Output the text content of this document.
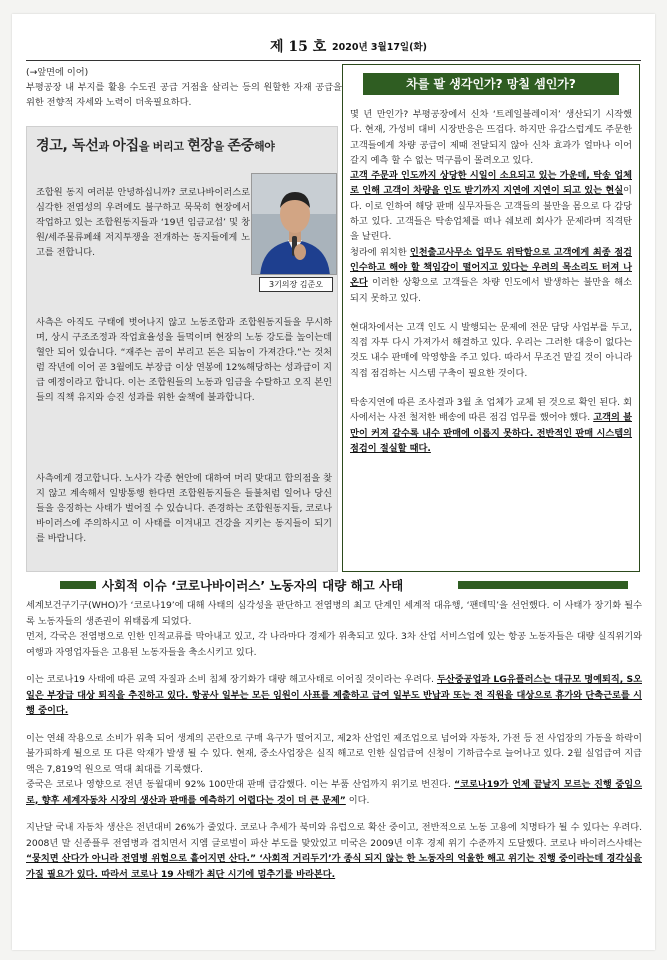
제 15 호 2020년 3월17일(화)
(→앞면에 이어)
부평공장 내 부지를 활용 수도권 공급 거점을 살리는 등의 원할한 자재 공급을 위한 전향적 자세와 노력이 더욱필요하다.
경고, 독선과 아집을 버리고 현장을 존중해야
조합원 동지 여러분 안녕하십니까? 코로나바이러스로 심각한 전염성의 우려에도 불구하고 묵묵히 현장에서 작업하고 있는 조합원동지들과 ‘19년 임금교섭’ 및 창원/세주물류폐쇄 저지투쟁을 전개하는 동지들에게 노고를 전합니다.
3기의장 김준오
사측은 아직도 구태에 벗어나지 않고 노동조합과 조합원동지들을 무시하며, 상시 구조조정과 작업효율성을 들먹이며 현장의 노동 강도를 높이는데 혈안 되어 있습니다. “재주는 곰이 부리고 돈은 되놈이 가져간다.”는 것처럼 작년에 이어 곧 3월에도 부장급 이상 연봉에 12%해당하는 성과급이 지급 예정이라고 합니다. 이는 조합원들의 노동과 임금을 수탈하고 오직 본인들의 직책 유지와 승진 성과를 위한 술책에 불과합니다.
사측에게 경고합니다. 노사가 각종 현안에 대하여 머리 맞대고 합의점을 찾지 않고 계속해서 일방통행 한다면 조합원동지들은 들불처럼 일어나 당신들을 응징하는 사태가 벌어질 수 있습니다. 존경하는 조합원동지들, 코로나 바이러스에 주의하시고 이 사태를 이겨내고 건강을 지키는 동지들이 되기를 바랍니다.
차를 팔 생각인가? 망칠 셈인가?
몇 년 만인가? 부평공장에서 신차 ‘트레일블레이저’ 생산되기 시작했다. 현재, 가성비 대비 시장반응은 뜨겁다. 하지만 유감스럽게도 주문한 고객들에게 차량 공급이 제때 전달되지 않아 신차 효과가 얼마나 이어 갈지 예측 할 수 없는 먹구름이 몰려오고 있다.
고객 주문과 인도까지 상당한 시일이 소요되고 있는 가운데, 탁송 업체로 인해 고객이 차량을 인도 받기까지 지연에 지연이 되고 있는 현실이다. 이로 인하여 해당 판매 실무자들은 고객들의 불만을 몸으로 다 감당하고 있다. 고객들은 탁송업체를 떠나 쉐보레 회사가 문제라며 직격탄을 날린다.
청라에 위치한 인천출고사무소 업무도 위탁함으로 고객에게 최종 점검 인수하고 해야 할 책임감이 떨어지고 있다는 우려의 목소리도 터져 나온다 이러한 상황으로 고객들은 차량 인도에서 발생하는 불만을 해소 되지 못하고 있다.
현대차에서는 고객 인도 시 발행되는 문제에 전문 담당 사업부를 두고, 직접 자투 다시 가져가서 해결하고 있다. 우리는 그러한 대응이 없다는 것도 내수 판매에 악영향을 주고 있다. 따라서 무조건 맡길 것이 아니라 직접 점검하는 시스템 구축이 필요한 것이다.
탁송지연에 따른 조사결과 3월 초 업체가 교체 된 것으로 확인 된다. 회사에서는 사전 철저한 배송에 따른 점검 업무를 했어야 했다. 고객의 불만이 커져 갈수록 내수 판매에 이롭지 못하다. 전반적인 판매 시스템의 점검이 절실할 때다.
사회적 이슈 ‘코로나바이러스’ 노동자의 대량 해고 사태
세계보건구기구(WHO)가 ‘코로나19’에 대해 사태의 심각성을 판단하고 전염병의 최고 단계인 세계적 대유행, ‘팬데믹’을 선언했다. 이 사태가 장기화 될수록 노동자들의 생존권이 위태롭게 되었다.
먼저, 각국은 전염병으로 인한 인적교류를 막아내고 있고, 각 나라마다 경제가 위축되고 있다. 3차 산업 서비스업에 있는 항공 노동자들은 대량 실직위기와 여행과 자영업자들은 고용된 노동자들을 축소시키고 있다.
이는 코로나19 사태에 따른 교역 자질과 소비 침체 장기화가 대량 해고사태로 이어질 것이라는 우려다. 두산중공업과 LG유플러스는 대규모 명예퇴직, S오일은 부장급 대상 퇴직을 추진하고 있다. 항공사 일부는 모든 임원이 사표를 제출하고 급여 일부도 반납과 또는 전 직원을 대상으로 휴가와 단축근로를 시행 중이다.
이는 연쇄 작용으로 소비가 위축 되어 생계의 곤란으로 구매 욕구가 떨어지고, 제2차 산업인 제조업으로 넘어와 자동차, 가전 등 전 사업장의 가동을 하락이 불가피하게 될으로 또 다른 악재가 발생 될 수 있다. 현재, 중소사업장은 실직 해고로 인한 실업급여 신청이 기하급수로 늘어나고 있다. 2월 실업급여 지급액은 7,819억 원으로 역대 최대를 기록했다.
중국은 코로나 영향으로 전년 동월대비 92% 100만대 판매 급감했다. 이는 부품 산업까지 위기로 번진다. “코로나19가 언제 끝날지 모르는 진행 중임으로, 향후 세계자동차 시장의 생산과 판매를 예측하기 어렵다는 것이 더 큰 문제” 이다.
지난달 국내 자동차 생산은 전년대비 26%가 줄었다. 코로나 추세가 북미와 유럽으로 확산 중이고, 전반적으로 노동 고용에 치명타가 될 수 있다는 우려다. 2008년 말 신종플루 전염병과 겹치면서 지엠 글로벌이 파산 부도를 맞았었고 미국은 2009년 이후 경제 위기 수준까지 도달했다. 코로나 바이러스사태는 “뭉치면 산다가 아니라 전염병 위험으로 흩어지면 산다.” ‘사회적 거리두기’가 종식 되지 않는 한 노동자의 억울한 해고 위기는 진행 중이라는데 경각심을 가질 필요가 있다. 따라서 코로나 19 사태가 최단 시기에 멈추기를 바라본다.
